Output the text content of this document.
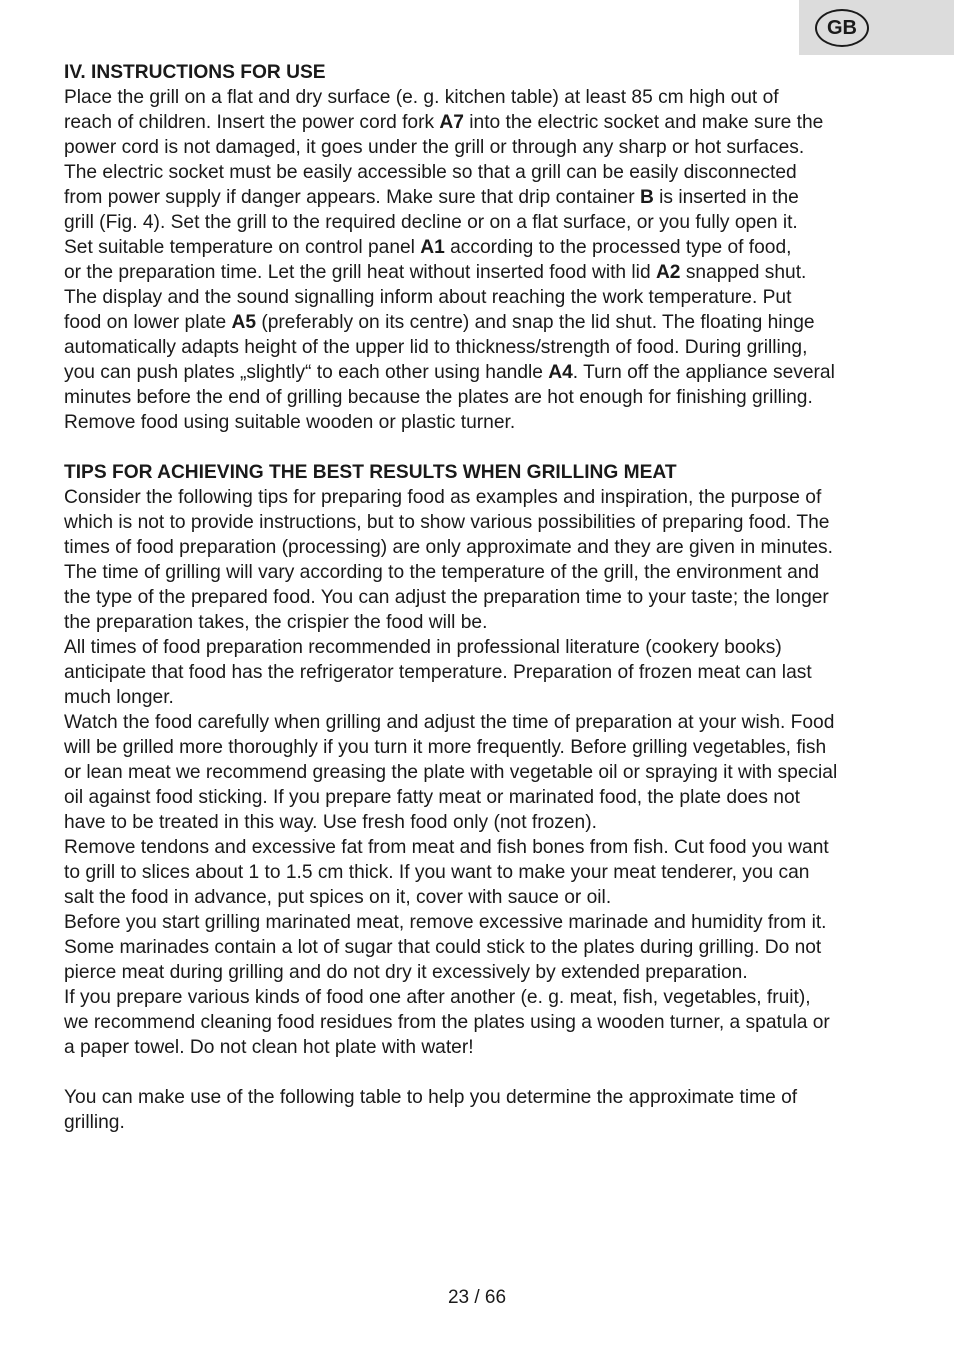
GB

IV. INSTRUCTIONS FOR USE

Place the grill on a flat and dry surface (e. g. kitchen table) at least 85 cm high out of

reach of children. Insert the power cord fork A7 into the electric socket and make sure the

power cord is not damaged, it goes under the grill or through any sharp or hot surfaces.

The electric socket must be easily accessible so that a grill can be easily disconnected

from power supply if danger appears. Make sure that drip container B is inserted in the

grill (Fig. 4). Set the grill to the required decline or on a flat surface, or you fully open it.

Set suitable temperature on control panel A1 according to the processed type of food,

or the preparation time. Let the grill heat without inserted food with lid A2 snapped shut.

The display and the sound signalling inform about reaching the work temperature. Put

food on lower plate A5 (preferably on its centre) and snap the lid shut. The floating hinge

automatically adapts height of the upper lid to thickness/strength of food. During grilling,

you can push plates „slightly“ to each other using handle A4. Turn off the appliance several

minutes before the end of grilling because the plates are hot enough for finishing grilling.

Remove food using suitable wooden or plastic turner.

TIPS FOR ACHIEVING THE BEST RESULTS WHEN GRILLING MEAT

Consider the following tips for preparing food as examples and inspiration, the purpose of

which is not to provide instructions, but to show various possibilities of preparing food. The

times of food preparation (processing) are only approximate and they are given in minutes.

The time of grilling will vary according to the temperature of the grill, the environment and

the type of the prepared food. You can adjust the preparation time to your taste; the longer

the preparation takes, the crispier the food will be.

All times of food preparation recommended in professional literature (cookery books)

anticipate that food has the refrigerator temperature. Preparation of frozen meat can last

much longer.

Watch the food carefully when grilling and adjust the time of preparation at your wish. Food

will be grilled more thoroughly if you turn it more frequently. Before grilling vegetables, fish

or lean meat we recommend greasing the plate with vegetable oil or spraying it with special

oil against food sticking. If you prepare fatty meat or marinated food, the plate does not

have to be treated in this way. Use fresh food only (not frozen).

Remove tendons and excessive fat from meat and fish bones from fish. Cut food you want

to grill to slices about 1 to 1.5 cm thick. If you want to make your meat tenderer, you can

salt the food in advance, put spices on it, cover with sauce or oil.

Before you start grilling marinated meat, remove excessive marinade and humidity from it.

Some marinades contain a lot of sugar that could stick to the plates during grilling. Do not

pierce meat during grilling and do not dry it excessively by extended preparation.

If you prepare various kinds of food one after another (e. g. meat, fish, vegetables, fruit),

we recommend cleaning food residues from the plates using a wooden turner, a spatula or

a paper towel. Do not clean hot plate with water!

You can make use of the following table to help you determine the approximate time of

grilling.

23 / 66
